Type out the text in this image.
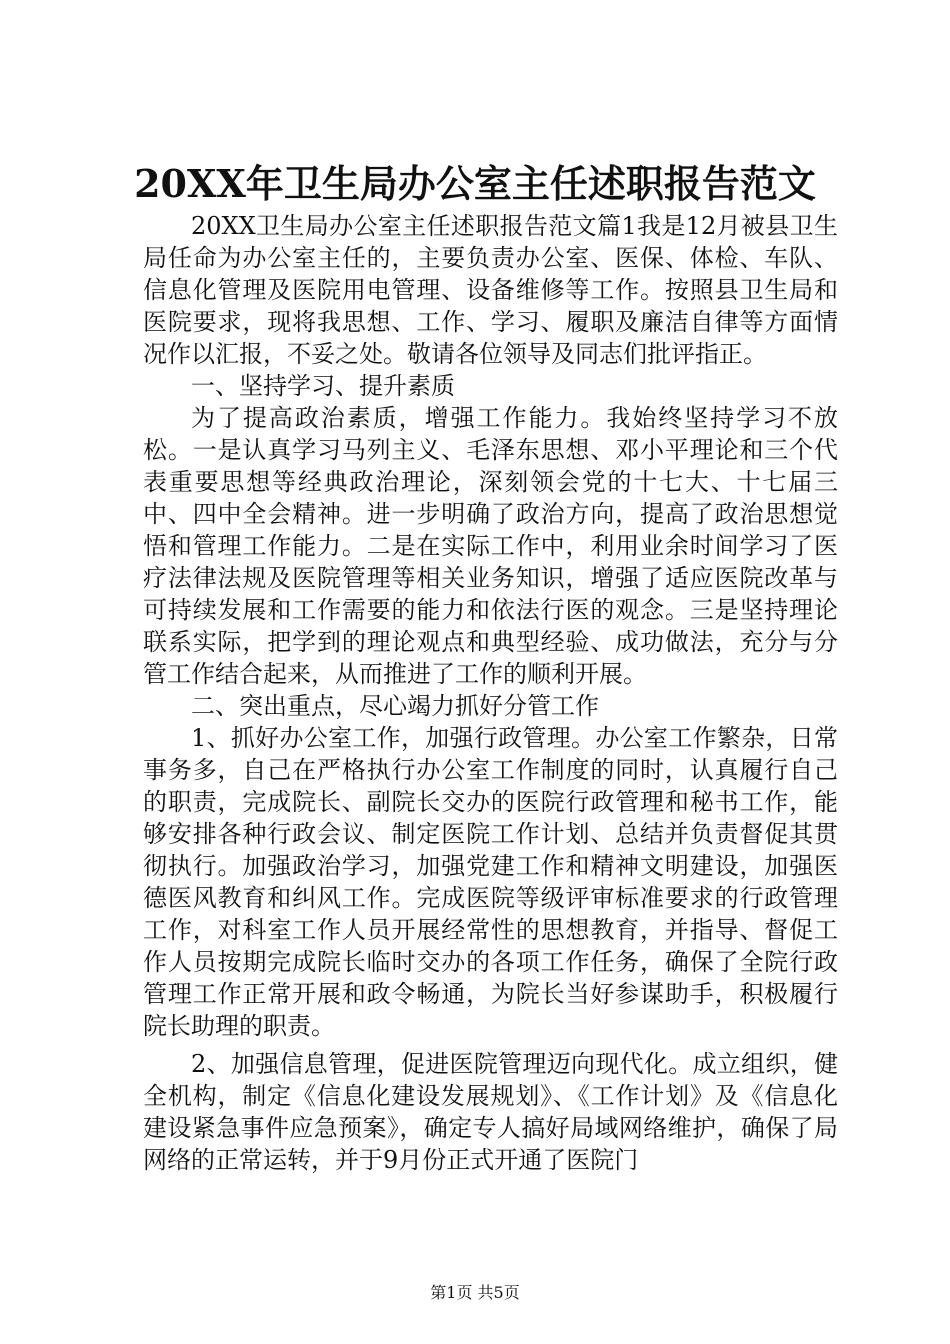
20XX年卫生局办公室主任述职报告范文

20XX卫生局办公室主任述职报告范文篇1我是12月被县卫生局任命为办公室主任的，主要负责办公室、医保、体检、车队、信息化管理及医院用电管理、设备维修等工作。按照县卫生局和医院要求，现将我思想、工作、学习、履职及廉洁自律等方面情况作以汇报，不妥之处。敬请各位领导及同志们批评指正。

一、坚持学习、提升素质

为了提高政治素质，增强工作能力。我始终坚持学习不放松。一是认真学习马列主义、毛泽东思想、邓小平理论和三个代表重要思想等经典政治理论，深刻领会党的十七大、十七届三中、四中全会精神。进一步明确了政治方向，提高了政治思想觉悟和管理工作能力。二是在实际工作中，利用业余时间学习了医疗法律法规及医院管理等相关业务知识，增强了适应医院改革与可持续发展和工作需要的能力和依法行医的观念。三是坚持理论联系实际，把学到的理论观点和典型经验、成功做法，充分与分管工作结合起来，从而推进了工作的顺利开展。

二、突出重点，尽心竭力抓好分管工作

1、抓好办公室工作，加强行政管理。办公室工作繁杂，日常事务多，自己在严格执行办公室工作制度的同时，认真履行自己的职责，完成院长、副院长交办的医院行政管理和秘书工作，能够安排各种行政会议、制定医院工作计划、总结并负责督促其贯彻执行。加强政治学习，加强党建工作和精神文明建设，加强医德医风教育和纠风工作。完成医院等级评审标准要求的行政管理工作，对科室工作人员开展经常性的思想教育，并指导、督促工作人员按期完成院长临时交办的各项工作任务，确保了全院行政管理工作正常开展和政令畅通，为院长当好参谋助手，积极履行院长助理的职责。

2、加强信息管理，促进医院管理迈向现代化。成立组织，健全机构，制定《信息化建设发展规划》、《工作计划》及《信息化建设紧急事件应急预案》，确定专人搞好局域网络维护，确保了局网络的正常运转，并于9月份正式开通了医院门

第1页 共5页
